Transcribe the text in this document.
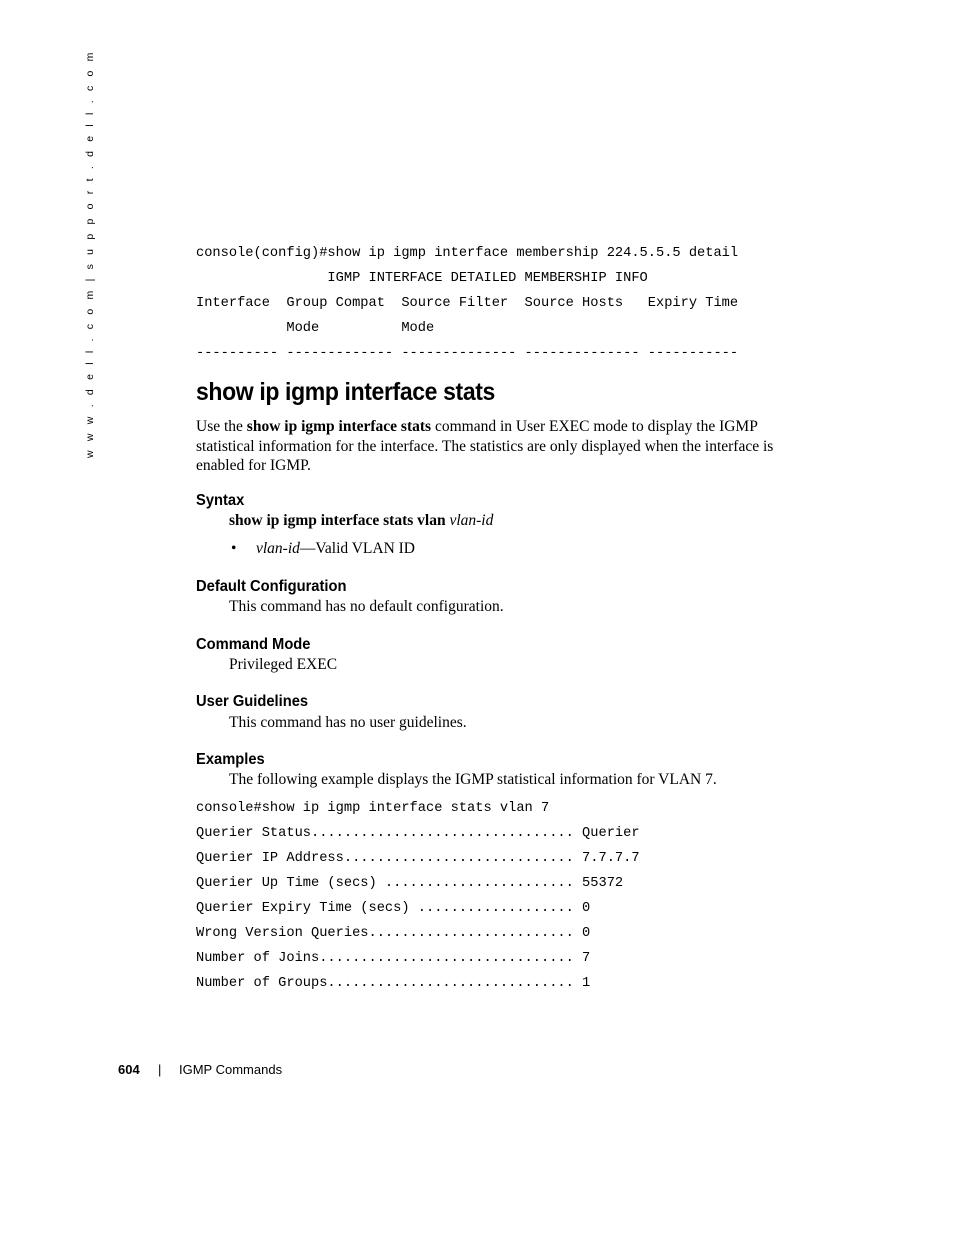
w w w . d e l l . c o m | s u p p o r t . d e l l . c o m	console(config)#show ip igmp interface membership 224.5.5.5 detail
IGMP INTERFACE DETAILED MEMBERSHIP INFO
Interface  Group Compat  Source Filter  Source Hosts   Expiry Time
Mode          Mode
---------- ------------- -------------- -------------- -----------
show ip igmp interface stats

Use the show ip igmp interface stats command in User EXEC mode to display the IGMP statistical information for the interface. The statistics are only displayed when the interface is enabled for IGMP.

Syntax

show ip igmp interface stats vlan vlan-id

• vlan-id—Valid VLAN ID

Default Configuration

This command has no default configuration.

Command Mode

Privileged EXEC

User Guidelines

This command has no user guidelines.

Examples

The following example displays the IGMP statistical information for VLAN 7.

console#show ip igmp interface stats vlan 7
Querier Status................................ Querier
Querier IP Address............................ 7.7.7.7
Querier Up Time (secs) ....................... 55372
Querier Expiry Time (secs) ................... 0
Wrong Version Queries......................... 0
Number of Joins............................... 7
Number of Groups.............................. 1
604 | IGMP Commands
